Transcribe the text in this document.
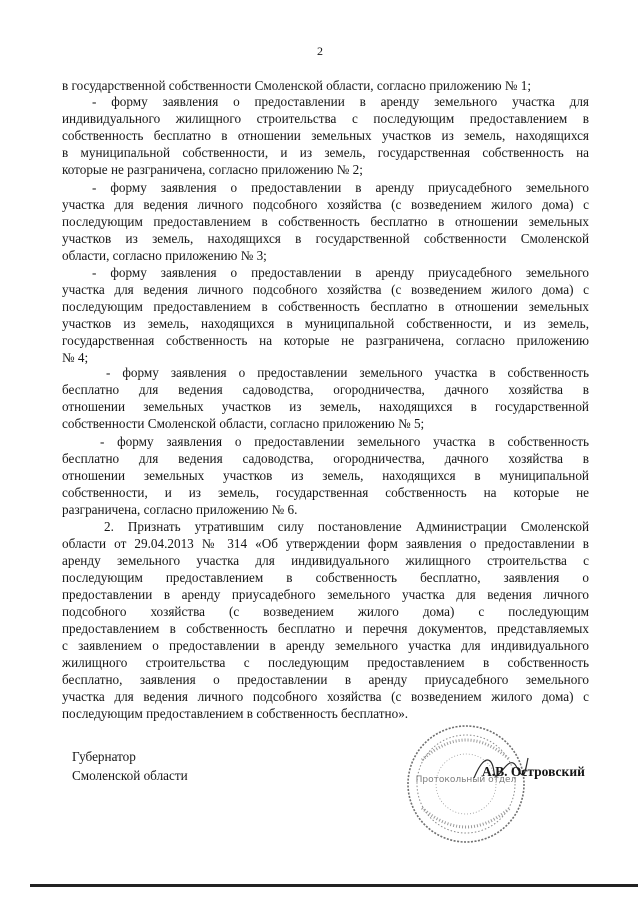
2
в государственной собственности Смоленской области, согласно приложению № 1;
- форму заявления о предоставлении в аренду земельного участка для
индивидуального жилищного строительства с последующим предоставлением в
собственность бесплатно в отношении земельных участков из земель, находящихся
в муниципальной собственности, и из земель, государственная собственность на
которые не разграничена, согласно приложению № 2;
- форму заявления о предоставлении в аренду приусадебного земельного
участка для ведения личного подсобного хозяйства (с возведением жилого дома) с
последующим предоставлением в собственность бесплатно в отношении земельных
участков из земель, находящихся в государственной собственности Смоленской
области, согласно приложению № 3;
- форму заявления о предоставлении в аренду приусадебного земельного
участка для ведения личного подсобного хозяйства (с возведением жилого дома) с
последующим предоставлением в собственность бесплатно в отношении земельных
участков из земель, находящихся в муниципальной собственности, и из земель,
государственная собственность на которые не разграничена, согласно приложению
№ 4;
- форму заявления о предоставлении земельного участка в собственность
бесплатно для ведения садоводства, огородничества, дачного хозяйства в
отношении земельных участков из земель, находящихся в государственной
собственности Смоленской области, согласно приложению № 5;
- форму заявления о предоставлении земельного участка в собственность
бесплатно для ведения садоводства, огородничества, дачного хозяйства в
отношении земельных участков из земель, находящихся в муниципальной
собственности, и из земель, государственная собственность на которые не
разграничена, согласно приложению № 6.
2. Признать утратившим силу постановление Администрации Смоленской
области от 29.04.2013 № 314 «Об утверждении форм заявления о предоставлении в
аренду земельного участка для индивидуального жилищного строительства с
последующим предоставлением в собственность бесплатно, заявления о
предоставлении в аренду приусадебного земельного участка для ведения личного
подсобного хозяйства (с возведением жилого дома) с последующим
предоставлением в собственность бесплатно и перечня документов, представляемых
с заявлением о предоставлении в аренду земельного участка для индивидуального
жилищного строительства с последующим предоставлением в собственность
бесплатно, заявления о предоставлении в аренду приусадебного земельного
участка для ведения личного подсобного хозяйства (с возведением жилого дома) с
последующим предоставлением в собственность бесплатно».
Губернатор
Смоленской области	Протокольный отдел
А.В. Островский
